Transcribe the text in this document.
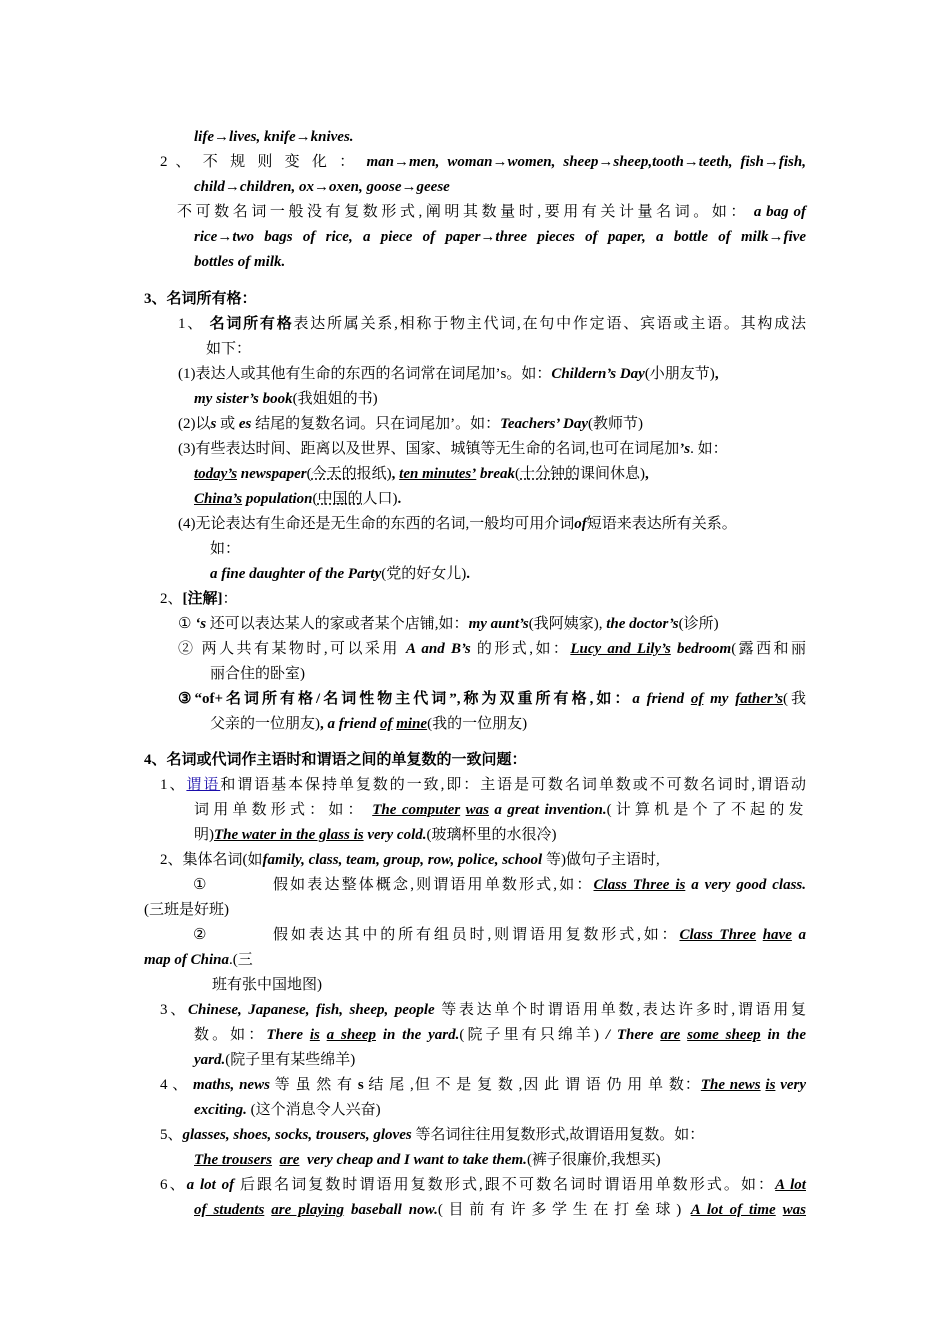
life→lives, knife→knives.
2 、 不 规 则 变 化 ： man→men, woman→women, sheep→sheep,tooth→teeth, fish→fish,
child→children, ox→oxen, goose→geese
不可数名词一般没有复数形式,阐明其数量时,要用有关计量名词。如： a bag of
rice→two bags of rice, a piece of paper→three pieces of paper, a bottle of milk→five
bottles of milk.
3、名词所有格：
1、 名词所有格表达所属关系,相称于物主代词,在句中作定语、宾语或主语。其构成法
如下：
(1)表达人或其他有生命的东西的名词常在词尾加’s。如：Childern’s Day(小朋友节),
my sister’s book(我姐姐的书)
(2)以s 或 es 结尾的复数名词。只在词尾加’。如：Teachers’ Day(教师节)
(3)有些表达时间、距离以及世界、国家、城镇等无生命的名词,也可在词尾加’s. 如：
today’s newspaper(今天的报纸), ten minutes’ break(十分钟的课间休息),
China’s population(中国的人口).
(4)无论表达有生命还是无生命的东西的名词,一般均可用介词of短语来表达所有关系。
如：
a fine daughter of the Party(党的好女儿).
2、[注解]：
① ‘s 还可以表达某人的家或者某个店铺,如：my aunt’s(我阿姨家), the doctor’s(诊所)
② 两人共有某物时,可以采用 A and B’s 的形式,如：Lucy and Lily’s bedroom(露西和丽
丽合住的卧室)
③“of+名词所有格/名词性物主代词”,称为双重所有格,如：a friend of my father’s(我
父亲的一位朋友), a friend of mine(我的一位朋友)
4、名词或代词作主语时和谓语之间的单复数的一致问题：
1、谓语和谓语基本保持单复数的一致,即：主语是可数名词单数或不可数名词时,谓语动
词用单数形式：如： The computer was a great invention.(计算机是个了不起的发
明)The water in the glass is very cold.(玻璃杯里的水很冷)
2、集体名词(如family, class, team, group, row, police, school 等)做句子主语时,
①	假如表达整体概念,则谓语用单数形式,如：Class Three is a very good class.
(三班是好班)
②	假如表达其中的所有组员时,则谓语用复数形式,如：Class Three have a
map of China.(三
班有张中国地图)
3、Chinese, Japanese, fish, sheep, people 等表达单个时谓语用单数,表达许多时,谓语用复
数。如：There is a sheep in the yard.(院子里有只绵羊) / There are some sheep in the
yard.(院子里有某些绵羊)
4 、 maths, news 等 虽 然 有 s 结 尾 ,但 不 是 复 数 ,因 此 谓 语 仍 用 单 数：The news is very
exciting. (这个消息令人兴奋)
5、glasses, shoes, socks, trousers, gloves 等名词往往用复数形式,故谓语用复数。如：
The trousers are very cheap and I want to take them.(裤子很廉价,我想买)
6、a lot of 后跟名词复数时谓语用复数形式,跟不可数名词时谓语用单数形式。如：A lot
of students are playing baseball now.(目前有许多学生在打垒球) A lot of time was
